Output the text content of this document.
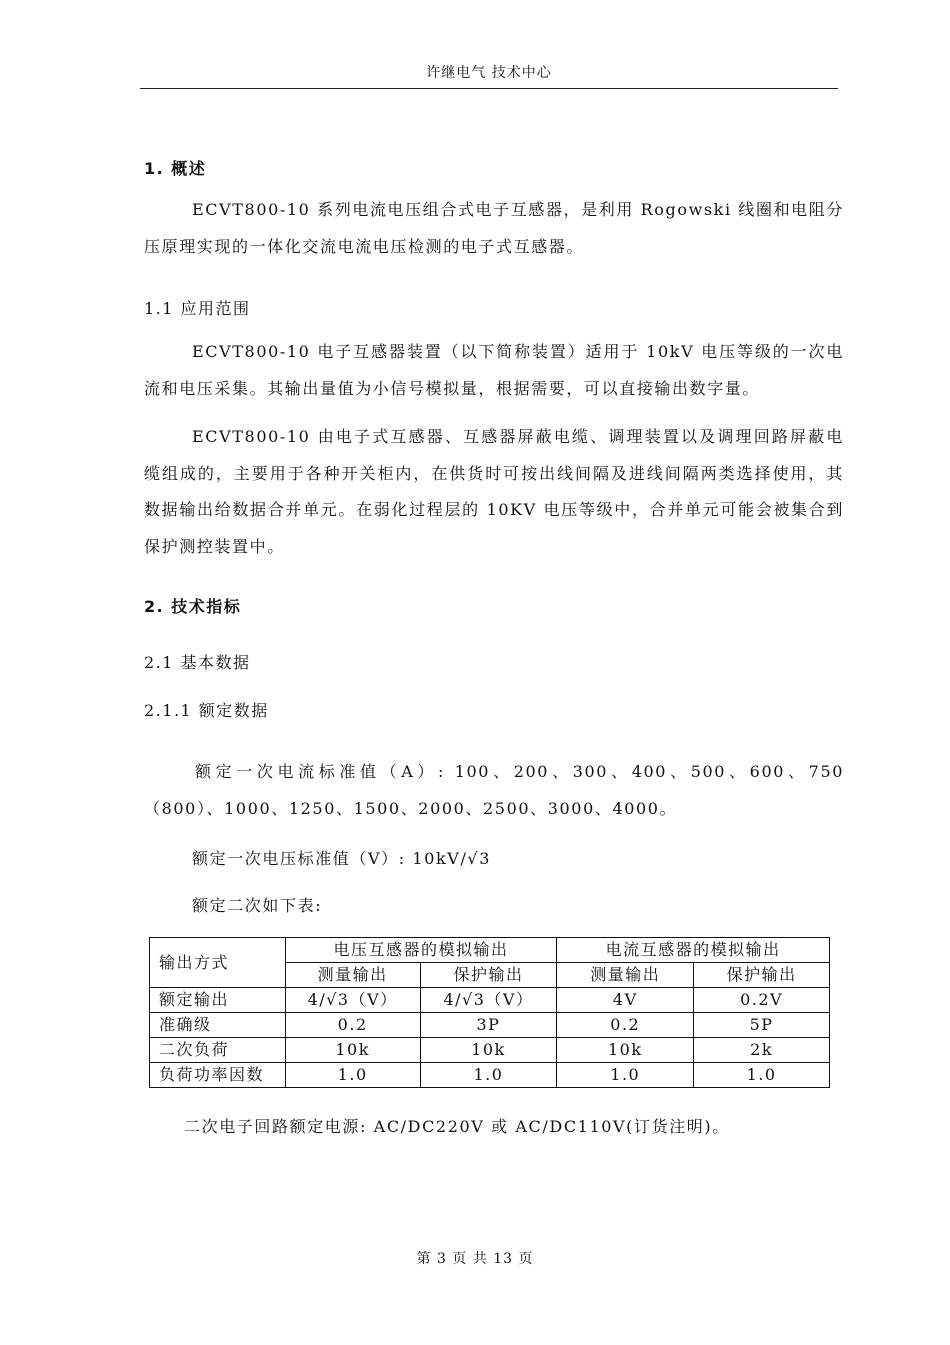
许继电气 技术中心
1. 概述
ECVT800-10 系列电流电压组合式电子互感器，是利用 Rogowski 线圈和电阻分压原理实现的一体化交流电流电压检测的电子式互感器。
1.1 应用范围
ECVT800-10 电子互感器装置（以下简称装置）适用于 10kV 电压等级的一次电流和电压采集。其输出量值为小信号模拟量，根据需要，可以直接输出数字量。
ECVT800-10 由电子式互感器、互感器屏蔽电缆、调理装置以及调理回路屏蔽电缆组成的，主要用于各种开关柜内，在供货时可按出线间隔及进线间隔两类选择使用，其数据输出给数据合并单元。在弱化过程层的 10KV 电压等级中，合并单元可能会被集合到保护测控装置中。
2. 技术指标
2.1 基本数据
2.1.1 额定数据
额定一次电流标准值（A）: 100、200、300、400、500、600、750（800）、1000、1250、1500、2000、2500、3000、4000。
额定一次电压标准值（V）: 10kV/√3
额定二次如下表:
输出方式	电压互感器的模拟输出		电流互感器的模拟输出	
	测量输出	保护输出	测量输出	保护输出
额定输出	4/√3（V）	4/√3（V）	4V	0.2V
准确级	0.2	3P	0.2	5P
二次负荷	10k	10k	10k	2k
负荷功率因数	1.0	1.0	1.0	1.0
二次电子回路额定电源: AC/DC220V 或 AC/DC110V(订货注明)。
第 3 页 共 13 页
